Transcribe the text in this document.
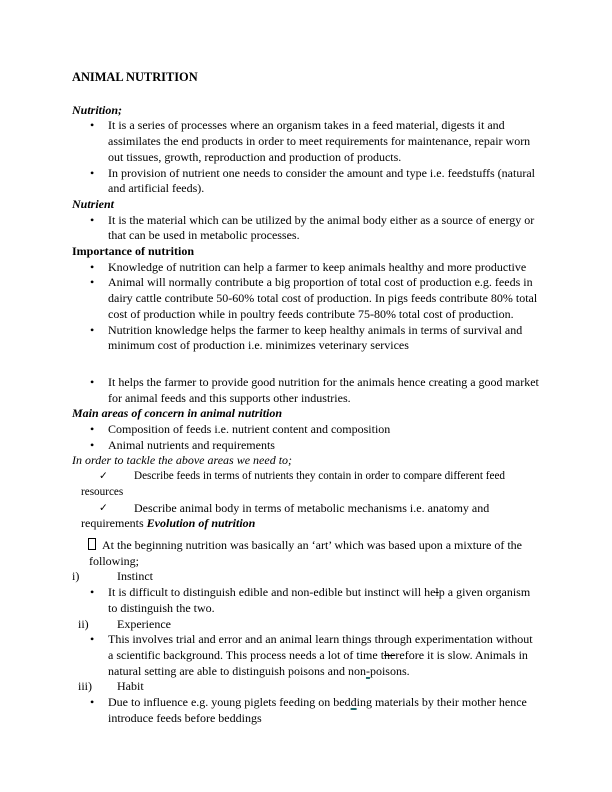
ANIMAL NUTRITION
Nutrition;
• It is a series of processes where an organism takes in a feed material, digests it and
assimilates the end products in order to meet requirements for maintenance, repair worn
out tissues, growth, reproduction and production of products.
• In provision of nutrient one needs to consider the amount and type i.e. feedstuffs (natural
and artificial feeds).
Nutrient
• It is the material which can be utilized by the animal body either as a source of energy or
that can be used in metabolic processes.
Importance of nutrition
• Knowledge of nutrition can help a farmer to keep animals healthy and more productive
• Animal will normally contribute a big proportion of total cost of production e.g. feeds in
dairy cattle contribute 50-60% total cost of production. In pigs feeds contribute 80% total
cost of production while in poultry feeds contribute 75-80% total cost of production.
• Nutrition knowledge helps the farmer to keep healthy animals in terms of survival and
minimum cost of production i.e. minimizes veterinary services
• It helps the farmer to provide good nutrition for the animals hence creating a good market
for animal feeds and this supports other industries.
Main areas of concern in animal nutrition
• Composition of feeds i.e. nutrient content and composition
• Animal nutrients and requirements
In order to tackle the above areas we need to;
✓ Describe feeds in terms of nutrients they contain in order to compare different feed
resources
✓ Describe animal body in terms of metabolic mechanisms i.e. anatomy and
requirements Evolution of nutrition
At the beginning nutrition was basically an ‘art’ which was based upon a mixture of the
following;
i)	Instinct
• It is difficult to distinguish edible and non-edible but instinct will help a given organism
to distinguish the two.
ii) Experience
• This involves trial and error and an animal learn things through experimentation without
a scientific background. This process needs a lot of time therefore it is slow. Animals in
natural setting are able to distinguish poisons and non-poisons.
iii) Habit
• Due to influence e.g. young piglets feeding on bedding materials by their mother hence
introduce feeds before beddings
